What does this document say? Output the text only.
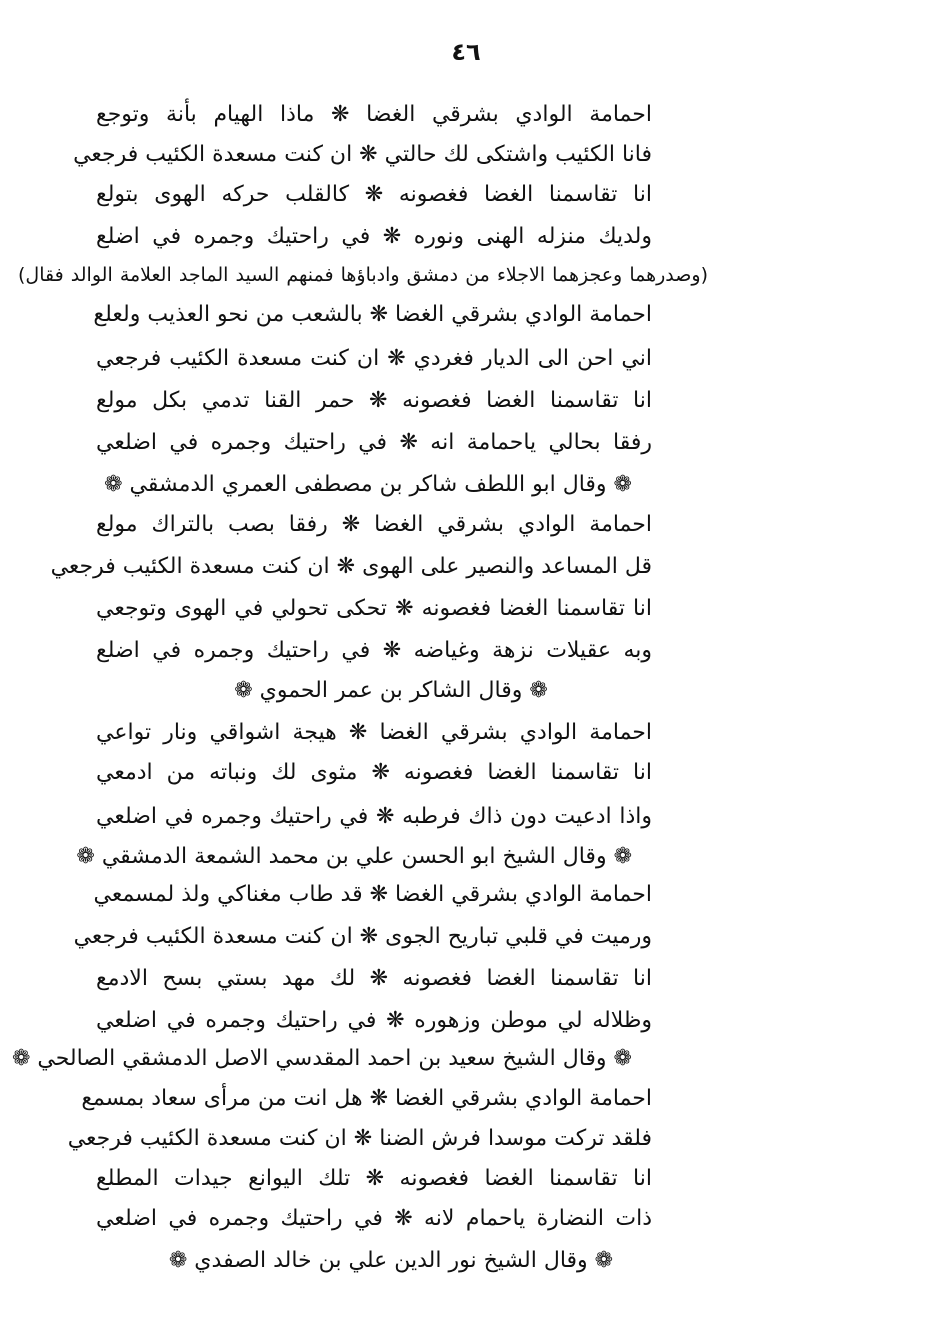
٤٦
احمامة الوادي بشرقي الغضا ❋ ماذا الهيام بأنة وتوجع
فانا الكئيب واشتكى لك حالتي ❋ ان كنت مسعدة الكئيب فرجعي
انا تقاسمنا الغضا فغصونه ❋ كالقلب حركه الهوى بتولع
ولديك منزله الهنى ونوره ❋ في راحتيك وجمره في اضلع
(وصدرهما وعجزهما الاجلاء من دمشق وادباؤها فمنهم السيد الماجد العلامة الوالد فقال)
احمامة الوادي بشرقي الغضا ❋ بالشعب من نحو العذيب ولعلع
اني احن الى الديار فغردي ❋ ان كنت مسعدة الكئيب فرجعي
انا تقاسمنا الغضا فغصونه ❋ حمر القنا تدمي بكل مولع
رفقا بحالي ياحمامة انه ❋ في راحتيك وجمره في اضلعي
❁ وقال ابو اللطف شاكر بن مصطفى العمري الدمشقي ❁
احمامة الوادي بشرقي الغضا ❋ رفقا بصب بالتراك مولع
قل المساعد والنصير على الهوى ❋ ان كنت مسعدة الكئيب فرجعي
انا تقاسمنا الغضا فغصونه ❋ تحكى تحولي في الهوى وتوجعي
وبه عقيلات نزهة وغياضه ❋ في راحتيك وجمره في اضلع
❁ وقال الشاكر بن عمر الحموي ❁
احمامة الوادي بشرقي الغضا ❋ هيجة اشواقي ونار تواعي
انا تقاسمنا الغضا فغصونه ❋ مثوى لك ونباته من ادمعي
واذا ادعيت دون ذاك فرطبه ❋ في راحتيك وجمره في اضلعي
❁ وقال الشيخ ابو الحسن علي بن محمد الشمعة الدمشقي ❁
احمامة الوادي بشرقي الغضا ❋ قد طاب مغناكي ولذ لمسمعي
ورميت في قلبي تباريح الجوى ❋ ان كنت مسعدة الكئيب فرجعي
انا تقاسمنا الغضا فغصونه ❋ لك مهد بستي بسح الادمع
وظلاله لي موطن وزهوره ❋ في راحتيك وجمره في اضلعي
❁ وقال الشيخ سعيد بن احمد المقدسي الاصل الدمشقي الصالحي ❁
احمامة الوادي بشرقي الغضا ❋ هل انت من مرأى سعاد بمسمع
فلقد تركت موسدا فرش الضنا ❋ ان كنت مسعدة الكئيب فرجعي
انا تقاسمنا الغضا فغصونه ❋ تلك اليوانع جيدات المطلع
ذات النضارة ياحمام لانه ❋ في راحتيك وجمره في اضلعي
❁ وقال الشيخ نور الدين علي بن خالد الصفدي ❁
